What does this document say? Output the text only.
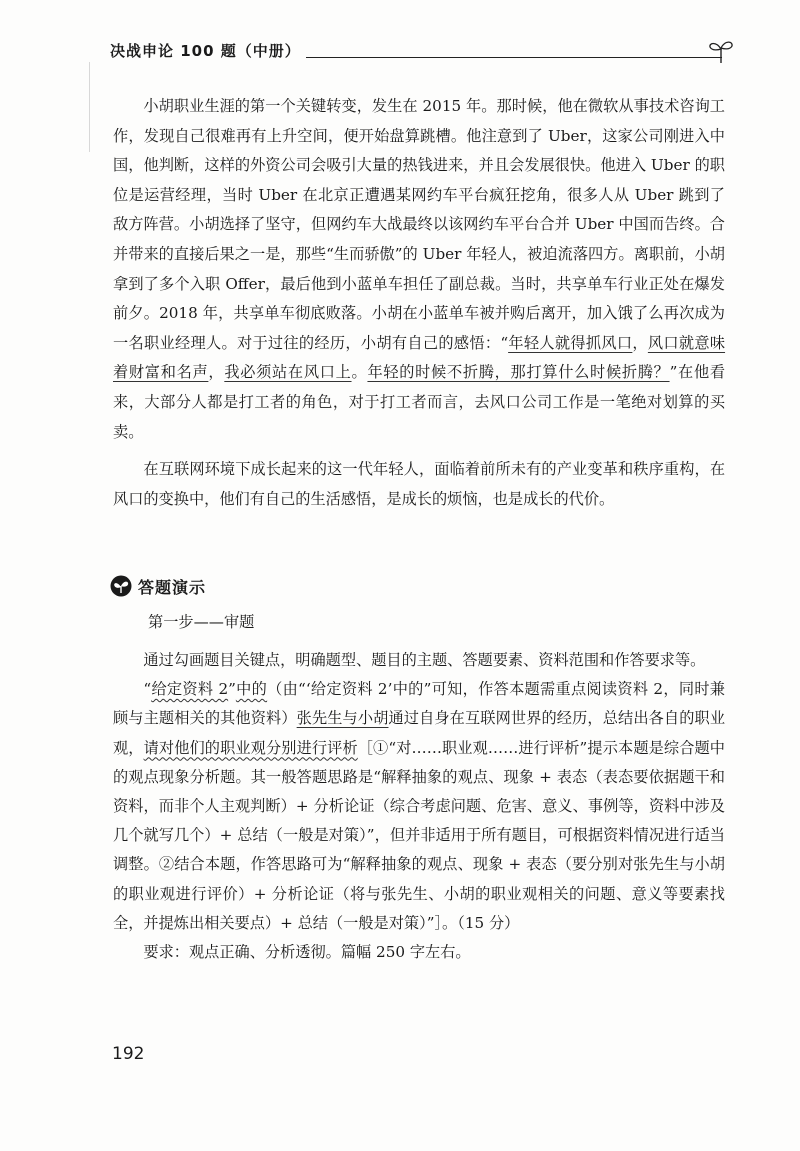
决战申论 100 题（中册）

小胡职业生涯的第一个关键转变，发生在 2015 年。那时候，他在微软从事技术咨询工作，发现自己很难再有上升空间，便开始盘算跳槽。他注意到了 Uber，这家公司刚进入中国，他判断，这样的外资公司会吸引大量的热钱进来，并且会发展很快。他进入 Uber 的职位是运营经理，当时 Uber 在北京正遭遇某网约车平台疯狂挖角，很多人从 Uber 跳到了敌方阵营。小胡选择了坚守，但网约车大战最终以该网约车平台合并 Uber 中国而告终。合并带来的直接后果之一是，那些“生而骄傲”的 Uber 年轻人，被迫流落四方。离职前，小胡拿到了多个入职 Offer，最后他到小蓝单车担任了副总裁。当时，共享单车行业正处在爆发前夕。2018 年，共享单车彻底败落。小胡在小蓝单车被并购后离开，加入饿了么再次成为一名职业经理人。对于过往的经历，小胡有自己的感悟：“年轻人就得抓风口，风口就意味着财富和名声，我必须站在风口上。年轻的时候不折腾，那打算什么时候折腾？”在他看来，大部分人都是打工者的角色，对于打工者而言，去风口公司工作是一笔绝对划算的买卖。

在互联网环境下成长起来的这一代年轻人，面临着前所未有的产业变革和秩序重构，在风口的变换中，他们有自己的生活感悟，是成长的烦恼，也是成长的代价。

答题演示
第一步——审题

通过勾画题目关键点，明确题型、题目的主题、答题要素、资料范围和作答要求等。

“给定资料 2”中的（由“‘给定资料 2’中的”可知，作答本题需重点阅读资料 2，同时兼顾与主题相关的其他资料）张先生与小胡通过自身在互联网世界的经历，总结出各自的职业观，请对他们的职业观分别进行评析［①“对……职业观……进行评析”提示本题是综合题中的观点现象分析题。其一般答题思路是“解释抽象的观点、现象 + 表态（表态要依据题干和资料，而非个人主观判断）+ 分析论证（综合考虑问题、危害、意义、事例等，资料中涉及几个就写几个）+ 总结（一般是对策）”，但并非适用于所有题目，可根据资料情况进行适当调整。②结合本题，作答思路可为“解释抽象的观点、现象 + 表态（要分别对张先生与小胡的职业观进行评价）+ 分析论证（将与张先生、小胡的职业观相关的问题、意义等要素找全，并提炼出相关要点）+ 总结（一般是对策）”］。（15 分）

要求：观点正确、分析透彻。篇幅 250 字左右。

192
